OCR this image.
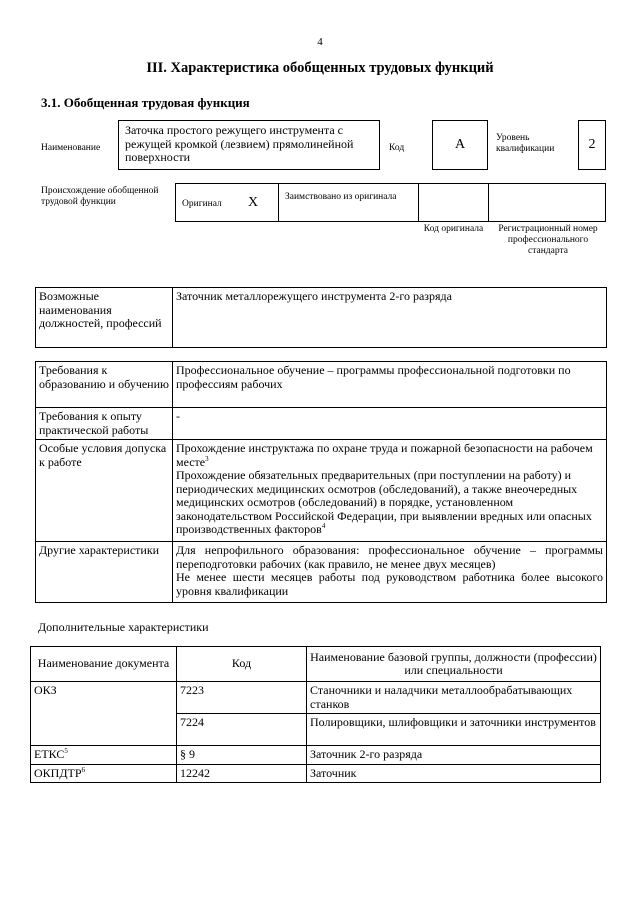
4
III. Характеристика обобщенных трудовых функций
3.1. Обобщенная трудовая функция
Наименование
Заточка простого режущего инструмента с режущей кромкой (лезвием) прямолинейной поверхности
Код	А	Уровень квалификации	2
Происхождение обобщенной трудовой функции	Оригинал Х	Заимствовано из оригинала
Код оригинала	Регистрационный номер профессионального стандарта
Возможные наименования должностей, профессий	Заточник металлорежущего инструмента 2-го разряда
Требования к образованию и обучению	Профессиональное обучение – программы профессиональной подготовки по профессиям рабочих
Требования к опыту практической работы	-
Особые условия допуска к работе	Прохождение инструктажа по охране труда и пожарной безопасности на рабочем месте$^3$
Прохождение обязательных предварительных (при поступлении на работу) и периодических медицинских осмотров (обследований), а также внеочередных медицинских осмотров (обследований) в порядке, установленном законодательством Российской Федерации, при выявлении вредных или опасных производственных факторов$^4$

Другие характеристики	Для непрофильного образования: профессиональное обучение – программы переподготовки рабочих (как правило, не менее двух месяцев)
Не менее шести месяцев работы под руководством работника более высокого уровня квалификации
Дополнительные характеристики
Наименование документа	Код	Наименование базовой группы, должности (профессии) или специальности
ОКЗ	7223	Станочники и наладчики металлообрабатывающих станков
	7224	Полировщики, шлифовщики и заточники инструментов
ЕТКС$^5$	§ 9	Заточник 2-го разряда
ОКПДТР$^6$	12242	Заточник
